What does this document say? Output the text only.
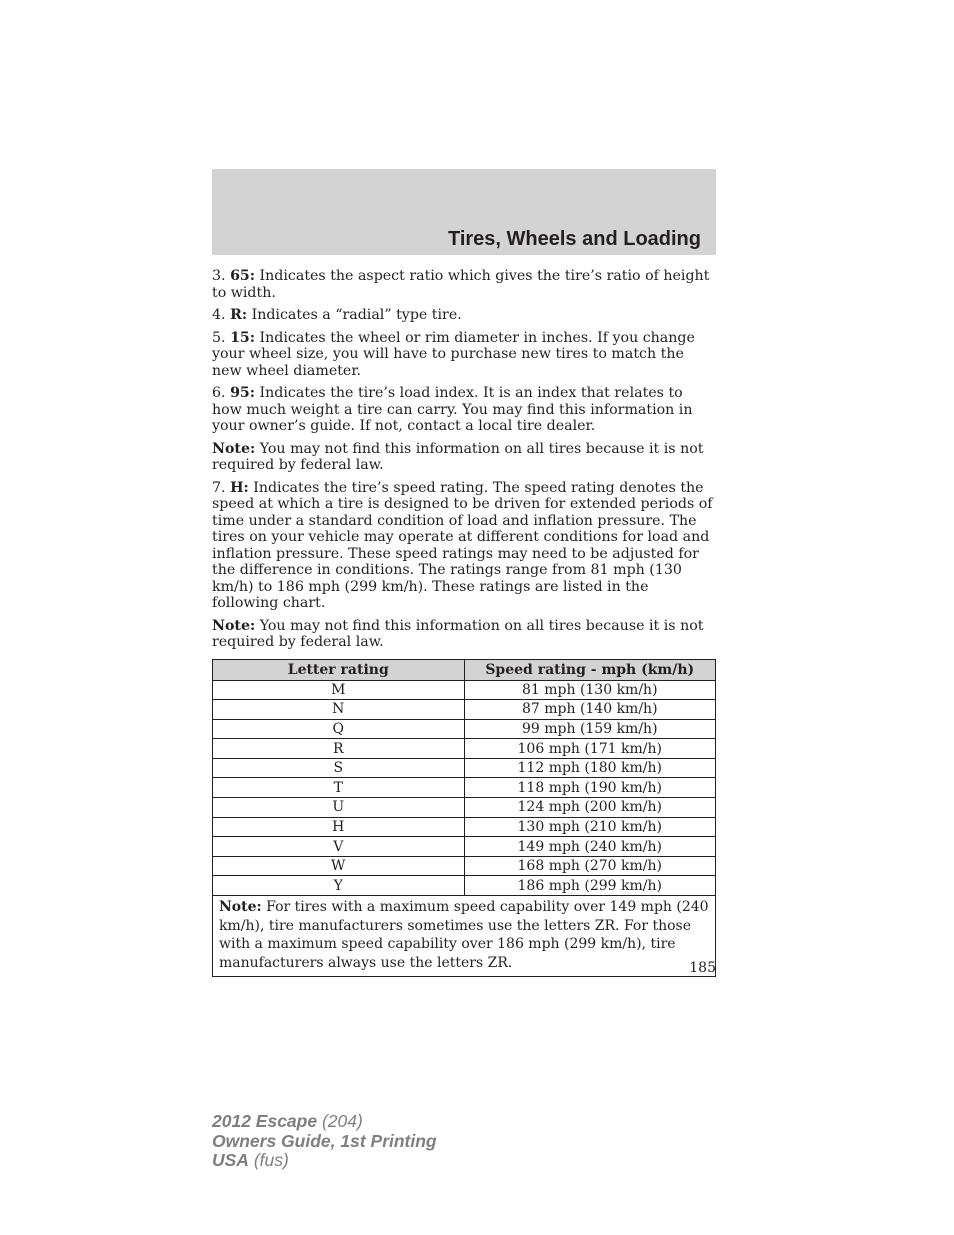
Tires, Wheels and Loading

3. 65: Indicates the aspect ratio which gives the tire’s ratio of height to width.

4. R: Indicates a “radial” type tire.

5. 15: Indicates the wheel or rim diameter in inches. If you change your wheel size, you will have to purchase new tires to match the new wheel diameter.

6. 95: Indicates the tire’s load index. It is an index that relates to how much weight a tire can carry. You may find this information in your owner’s guide. If not, contact a local tire dealer.

Note: You may not find this information on all tires because it is not required by federal law.

7. H: Indicates the tire’s speed rating. The speed rating denotes the speed at which a tire is designed to be driven for extended periods of time under a standard condition of load and inflation pressure. The tires on your vehicle may operate at different conditions for load and inflation pressure. These speed ratings may need to be adjusted for the difference in conditions. The ratings range from 81 mph (130 km/h) to 186 mph (299 km/h). These ratings are listed in the following chart.

Note: You may not find this information on all tires because it is not required by federal law.

Letter rating	Speed rating - mph (km/h)
M	81 mph (130 km/h)
N	87 mph (140 km/h)
Q	99 mph (159 km/h)
R	106 mph (171 km/h)
S	112 mph (180 km/h)
T	118 mph (190 km/h)
U	124 mph (200 km/h)
H	130 mph (210 km/h)
V	149 mph (240 km/h)
W	168 mph (270 km/h)
Y	186 mph (299 km/h)
Note: For tires with a maximum speed capability over 149 mph (240 km/h), tire manufacturers sometimes use the letters ZR. For those with a maximum speed capability over 186 mph (299 km/h), tire manufacturers always use the letters ZR.		185
2012 Escape (204)
Owners Guide, 1st Printing
USA (fus)
